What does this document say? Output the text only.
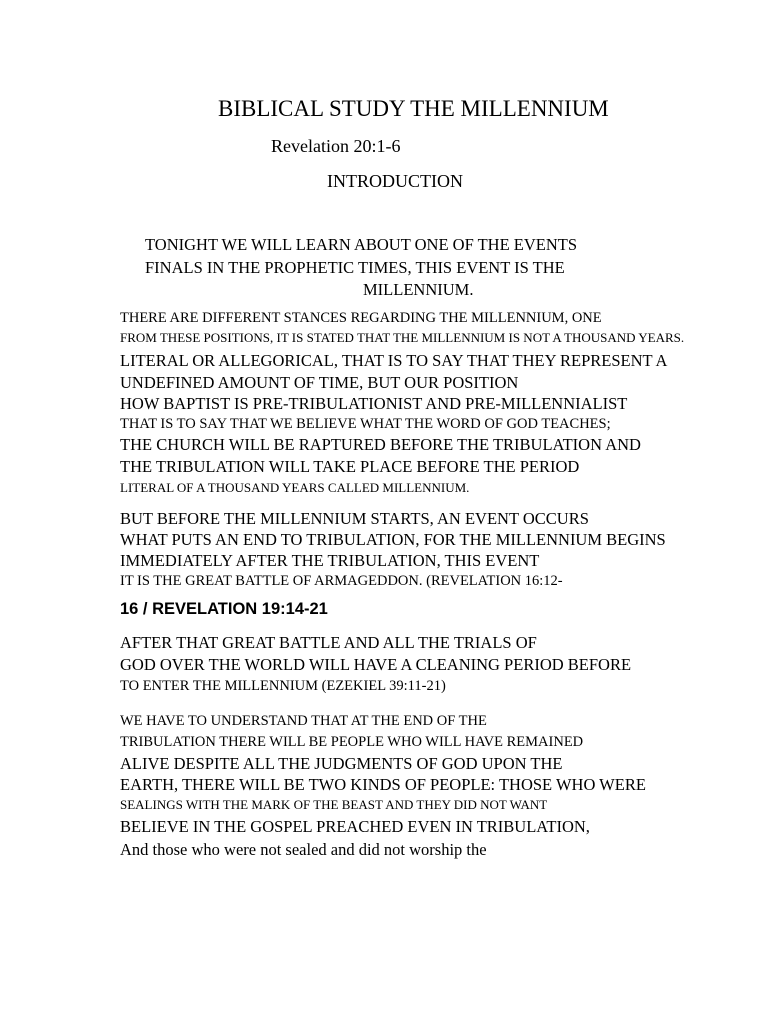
BIBLICAL STUDY THE MILLENNIUM
Revelation 20:1-6
INTRODUCTION
TONIGHT WE WILL LEARN ABOUT ONE OF THE EVENTS
FINALS IN THE PROPHETIC TIMES, THIS EVENT IS THE
MILLENNIUM.
THERE ARE DIFFERENT STANCES REGARDING THE MILLENNIUM, ONE
FROM THESE POSITIONS, IT IS STATED THAT THE MILLENNIUM IS NOT A THOUSAND YEARS.
LITERAL OR ALLEGORICAL, THAT IS TO SAY THAT THEY REPRESENT A
UNDEFINED AMOUNT OF TIME, BUT OUR POSITION
HOW BAPTIST IS PRE-TRIBULATIONIST AND PRE-MILLENNIALIST
THAT IS TO SAY THAT WE BELIEVE WHAT THE WORD OF GOD TEACHES;
THE CHURCH WILL BE RAPTURED BEFORE THE TRIBULATION AND
THE TRIBULATION WILL TAKE PLACE BEFORE THE PERIOD
LITERAL OF A THOUSAND YEARS CALLED MILLENNIUM.
BUT BEFORE THE MILLENNIUM STARTS, AN EVENT OCCURS
WHAT PUTS AN END TO TRIBULATION, FOR THE MILLENNIUM BEGINS
IMMEDIATELY AFTER THE TRIBULATION, THIS EVENT
IT IS THE GREAT BATTLE OF ARMAGEDDON. (REVELATION 16:12-
16 / REVELATION 19:14-21
AFTER THAT GREAT BATTLE AND ALL THE TRIALS OF
GOD OVER THE WORLD WILL HAVE A CLEANING PERIOD BEFORE
TO ENTER THE MILLENNIUM (EZEKIEL 39:11-21)
WE HAVE TO UNDERSTAND THAT AT THE END OF THE
TRIBULATION THERE WILL BE PEOPLE WHO WILL HAVE REMAINED
ALIVE DESPITE ALL THE JUDGMENTS OF GOD UPON THE
EARTH, THERE WILL BE TWO KINDS OF PEOPLE: THOSE WHO WERE
SEALINGS WITH THE MARK OF THE BEAST AND THEY DID NOT WANT
BELIEVE IN THE GOSPEL PREACHED EVEN IN TRIBULATION,
And those who were not sealed and did not worship the
